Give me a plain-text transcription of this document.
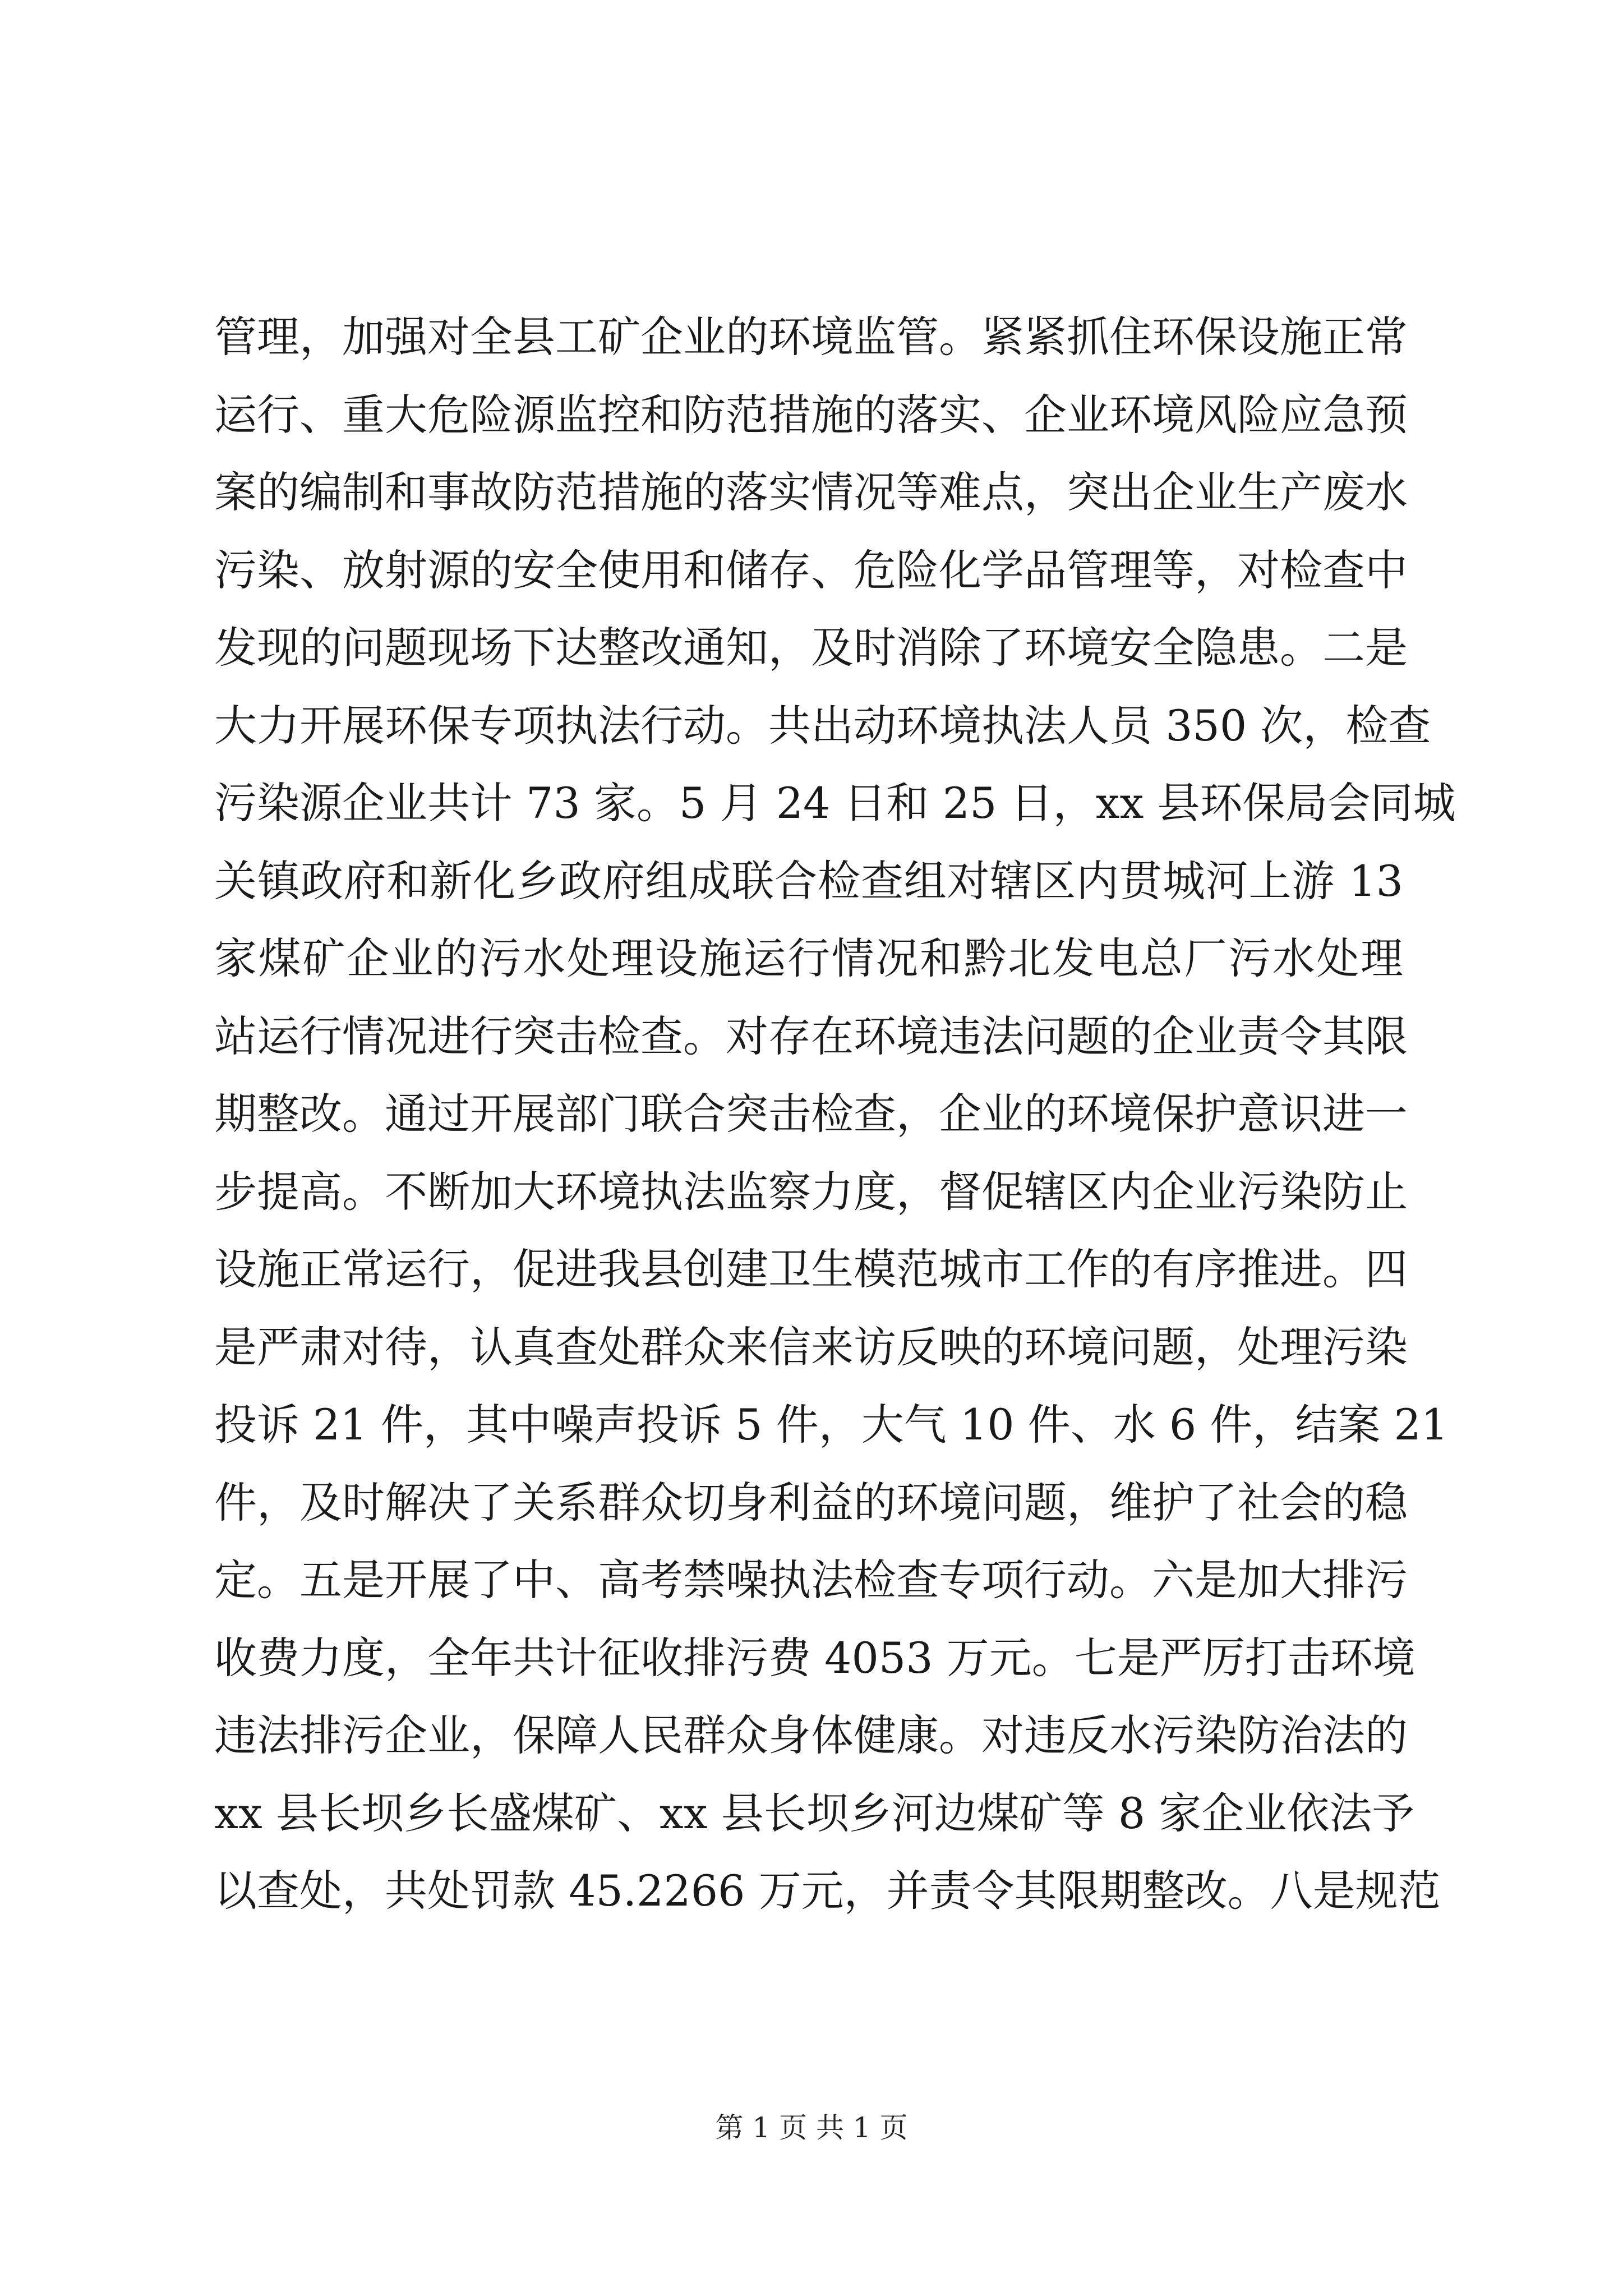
管理，加强对全县工矿企业的环境监管。紧紧抓住环保设施正常
运行、重大危险源监控和防范措施的落实、企业环境风险应急预
案的编制和事故防范措施的落实情况等难点，突出企业生产废水
污染、放射源的安全使用和储存、危险化学品管理等，对检查中
发现的问题现场下达整改通知，及时消除了环境安全隐患。二是
大力开展环保专项执法行动。共出动环境执法人员 350 次，检查
污染源企业共计 73 家。5 月 24 日和 25 日，xx 县环保局会同城
关镇政府和新化乡政府组成联合检查组对辖区内贯城河上游 13
家煤矿企业的污水处理设施运行情况和黔北发电总厂污水处理
站运行情况进行突击检查。对存在环境违法问题的企业责令其限
期整改。通过开展部门联合突击检查，企业的环境保护意识进一
步提高。不断加大环境执法监察力度，督促辖区内企业污染防止
设施正常运行，促进我县创建卫生模范城市工作的有序推进。四
是严肃对待，认真查处群众来信来访反映的环境问题，处理污染
投诉 21 件，其中噪声投诉 5 件，大气 10 件、水 6 件，结案 21
件，及时解决了关系群众切身利益的环境问题，维护了社会的稳
定。五是开展了中、高考禁噪执法检查专项行动。六是加大排污
收费力度，全年共计征收排污费 4053 万元。七是严厉打击环境
违法排污企业，保障人民群众身体健康。对违反水污染防治法的
xx 县长坝乡长盛煤矿、xx 县长坝乡河边煤矿等 8 家企业依法予
以查处，共处罚款 45.2266 万元，并责令其限期整改。八是规范
第 1 页 共 1 页
